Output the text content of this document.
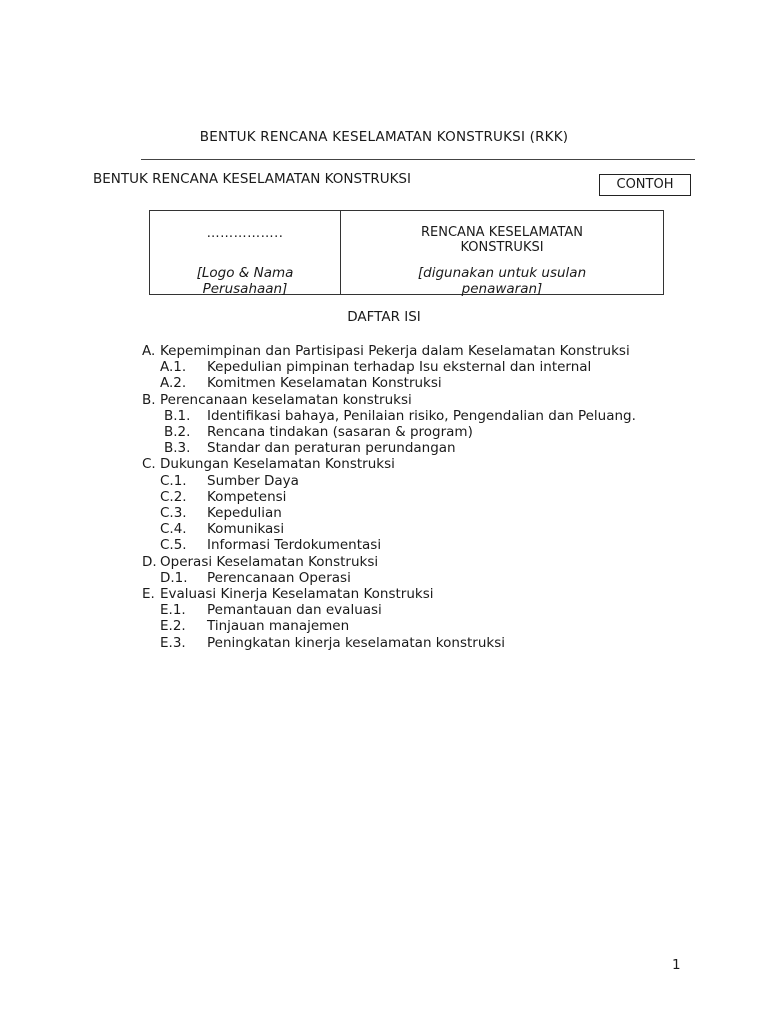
BENTUK RENCANA KESELAMATAN KONSTRUKSI (RKK)
BENTUK RENCANA KESELAMATAN KONSTRUKSI	CONTOH
……………..
[Logo & Nama
Perusahaan]
RENCANA KESELAMATAN
KONSTRUKSI
[digunakan untuk usulan
penawaran]
DAFTAR ISI
A. Kepemimpinan dan Partisipasi Pekerja dalam Keselamatan Konstruksi
A.1. Kepedulian pimpinan terhadap Isu eksternal dan internal
A.2. Komitmen Keselamatan Konstruksi
B. Perencanaan keselamatan konstruksi
B.1. Identifikasi bahaya, Penilaian risiko, Pengendalian dan Peluang.
B.2. Rencana tindakan (sasaran & program)
B.3. Standar dan peraturan perundangan
C. Dukungan Keselamatan Konstruksi
C.1. Sumber Daya
C.2. Kompetensi
C.3. Kepedulian
C.4. Komunikasi
C.5. Informasi Terdokumentasi
D. Operasi Keselamatan Konstruksi
D.1. Perencanaan Operasi
E. Evaluasi Kinerja Keselamatan Konstruksi
E.1. Pemantauan dan evaluasi
E.2. Tinjauan manajemen
E.3. Peningkatan kinerja keselamatan konstruksi
1
